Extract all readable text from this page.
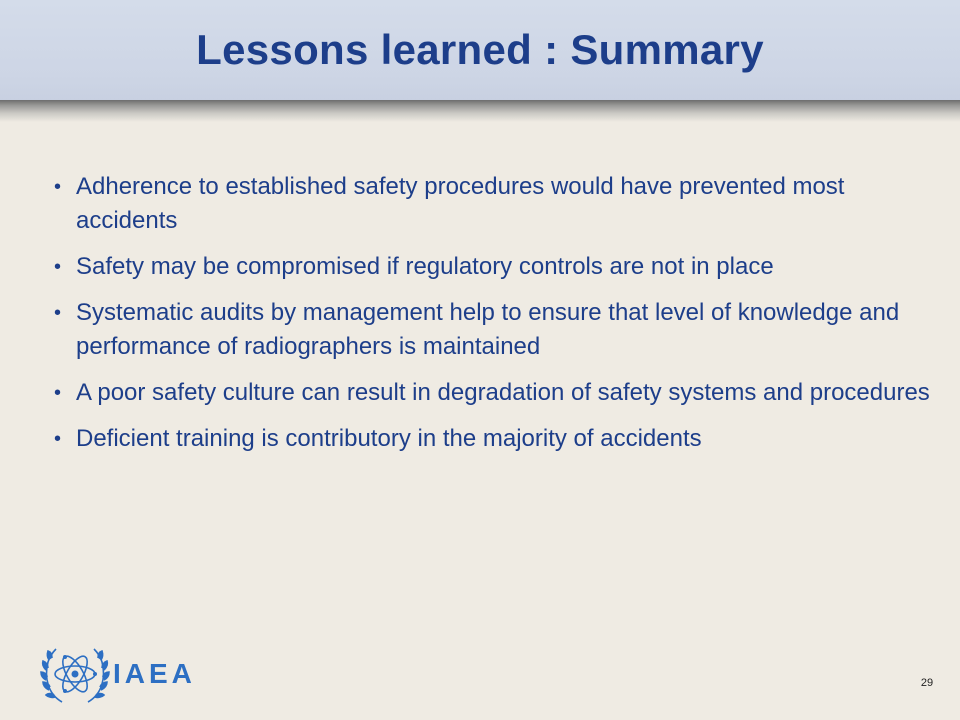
Lessons learned : Summary
• Adherence to established safety procedures would have prevented most accidents
• Safety may be compromised if regulatory controls are not in place
• Systematic audits by management help to ensure that level of knowledge and performance of radiographers is maintained
• A poor safety culture can result in degradation of safety systems and procedures
• Deficient training is contributory in the majority of accidents
IAEA	29
